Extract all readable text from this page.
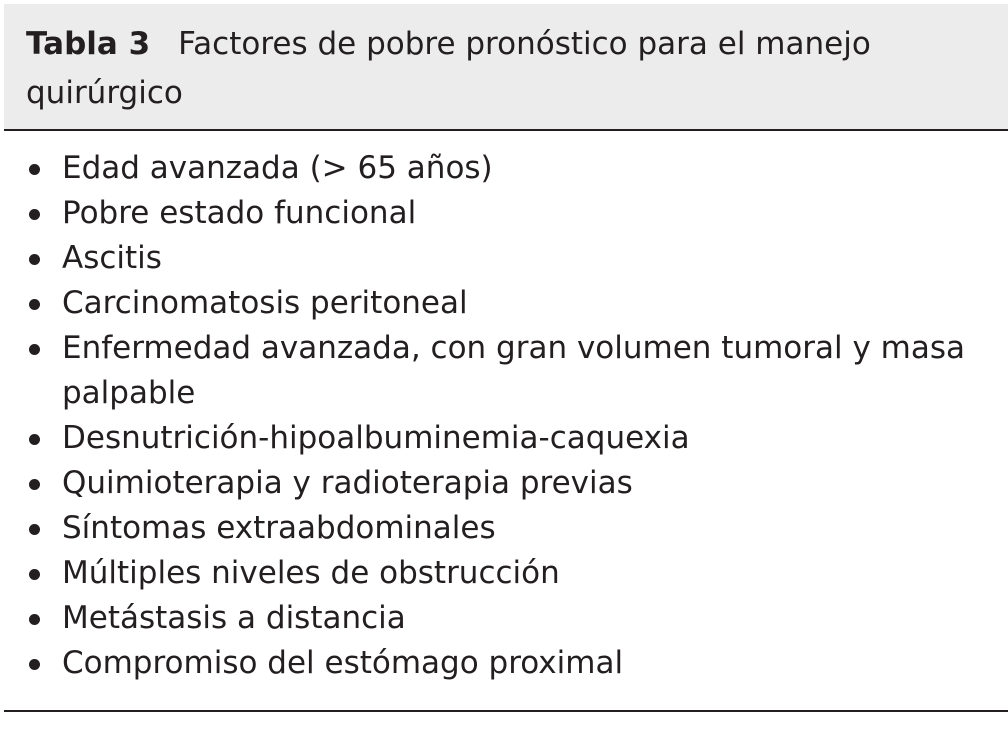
Tabla 3 Factores de pobre pronóstico para el manejo quirúrgico

Edad avanzada (> 65 años)
Pobre estado funcional
Ascitis
Carcinomatosis peritoneal
Enfermedad avanzada, con gran volumen tumoral y masa palpable
Desnutrición-hipoalbuminemia-caquexia
Quimioterapia y radioterapia previas
Síntomas extraabdominales
Múltiples niveles de obstrucción
Metástasis a distancia
Compromiso del estómago proximal
